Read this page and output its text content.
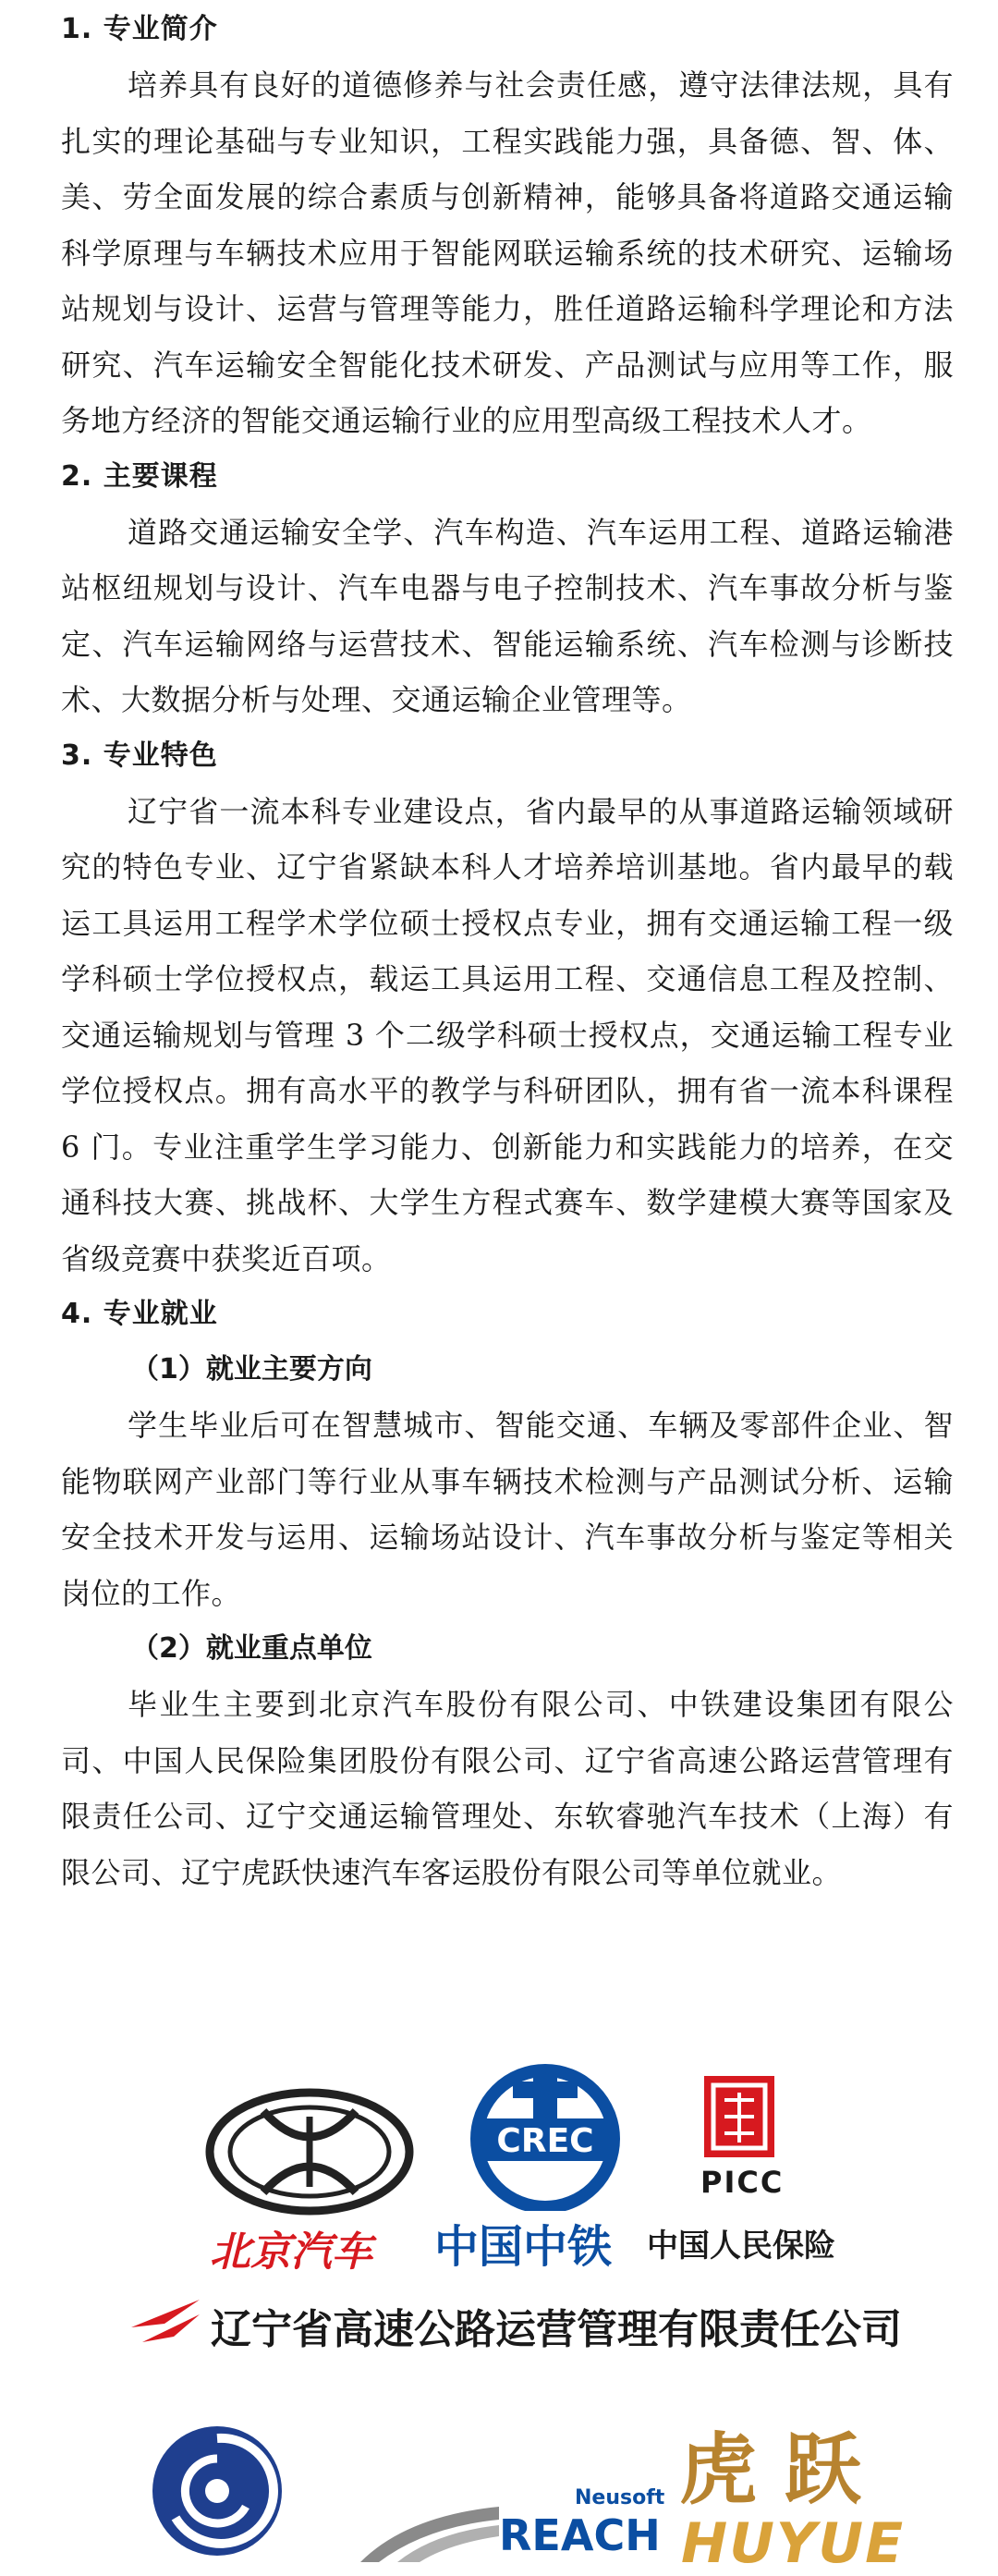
1. 专业简介

培养具有良好的道德修养与社会责任感，遵守法律法规，具有扎实的理论基础与专业知识，工程实践能力强，具备德、智、体、美、劳全面发展的综合素质与创新精神，能够具备将道路交通运输科学原理与车辆技术应用于智能网联运输系统的技术研究、运输场站规划与设计、运营与管理等能力，胜任道路运输科学理论和方法研究、汽车运输安全智能化技术研发、产品测试与应用等工作，服务地方经济的智能交通运输行业的应用型高级工程技术人才。

2. 主要课程

道路交通运输安全学、汽车构造、汽车运用工程、道路运输港站枢纽规划与设计、汽车电器与电子控制技术、汽车事故分析与鉴定、汽车运输网络与运营技术、智能运输系统、汽车检测与诊断技术、大数据分析与处理、交通运输企业管理等。

3. 专业特色

辽宁省一流本科专业建设点，省内最早的从事道路运输领域研究的特色专业、辽宁省紧缺本科人才培养培训基地。省内最早的载运工具运用工程学术学位硕士授权点专业，拥有交通运输工程一级学科硕士学位授权点，载运工具运用工程、交通信息工程及控制、交通运输规划与管理 3 个二级学科硕士授权点，交通运输工程专业学位授权点。拥有高水平的教学与科研团队，拥有省一流本科课程 6 门。专业注重学生学习能力、创新能力和实践能力的培养，在交通科技大赛、挑战杯、大学生方程式赛车、数学建模大赛等国家及省级竞赛中获奖近百项。

4. 专业就业
（1）就业主要方向

学生毕业后可在智慧城市、智能交通、车辆及零部件企业、智能物联网产业部门等行业从事车辆技术检测与产品测试分析、运输安全技术开发与运用、运输场站设计、汽车事故分析与鉴定等相关岗位的工作。

（2）就业重点单位

毕业生主要到北京汽车股份有限公司、中铁建设集团有限公司、中国人民保险集团股份有限公司、辽宁省高速公路运营管理有限责任公司、辽宁交通运输管理处、东软睿驰汽车技术（上海）有限公司、辽宁虎跃快速汽车客运股份有限公司等单位就业。

北京汽车
CREC
中国中铁
PICC
中国人民保险
辽宁省高速公路运营管理有限责任公司
Neusoft
REACH
虎 跃
HUYUE
